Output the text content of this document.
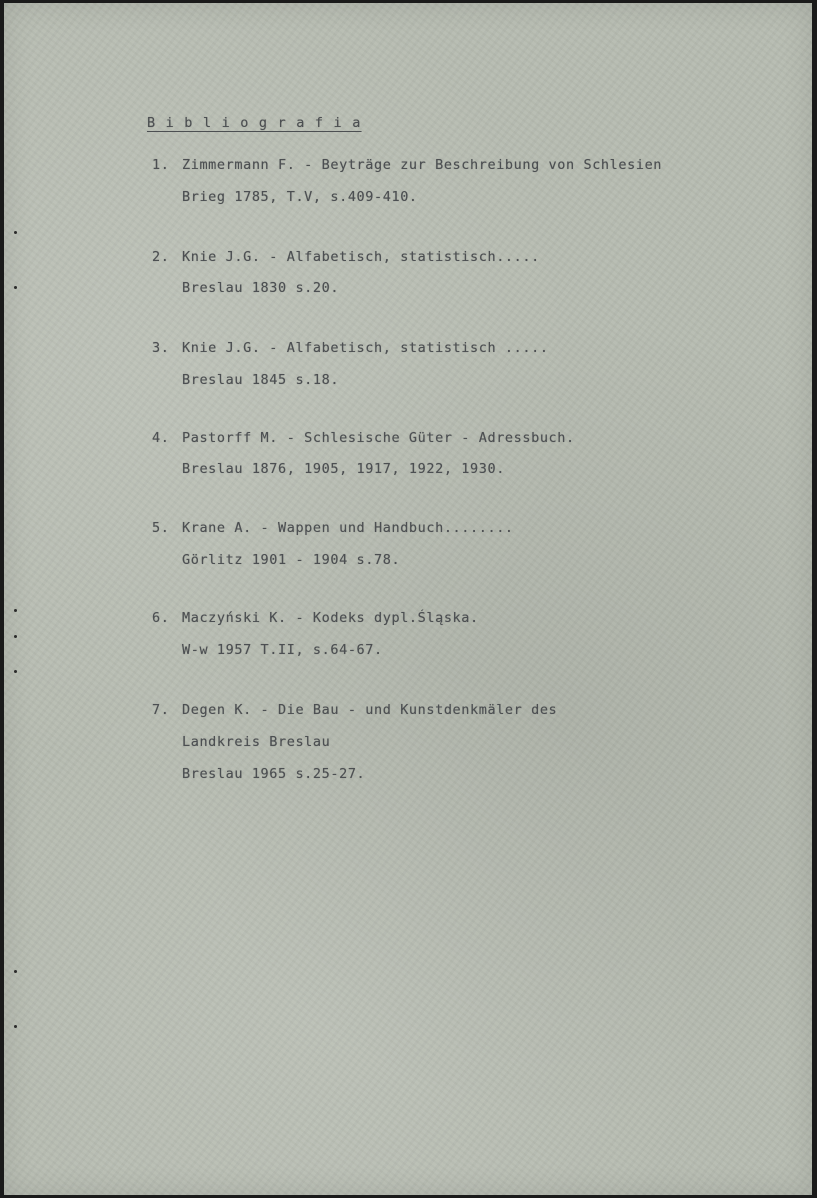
B i b l i o g r a f i a

1. Zimmermann F. - Beyträge zur Beschreibung von Schlesien

Brieg 1785, T.V, s.409-410.

2. Knie J.G. - Alfabetisch, statistisch.....

Breslau 1830 s.20.

3. Knie J.G. - Alfabetisch, statistisch .....

Breslau 1845 s.18.

4. Pastorff M. - Schlesische Güter - Adressbuch.

Breslau 1876, 1905, 1917, 1922, 1930.

5. Krane A. - Wappen und Handbuch........

Görlitz 1901 - 1904 s.78.

6. Maczyński K. - Kodeks dypl.Śląska.

W-w 1957 T.II, s.64-67.

7. Degen K. - Die Bau - und Kunstdenkmäler des

Landkreis Breslau

Breslau 1965 s.25-27.
